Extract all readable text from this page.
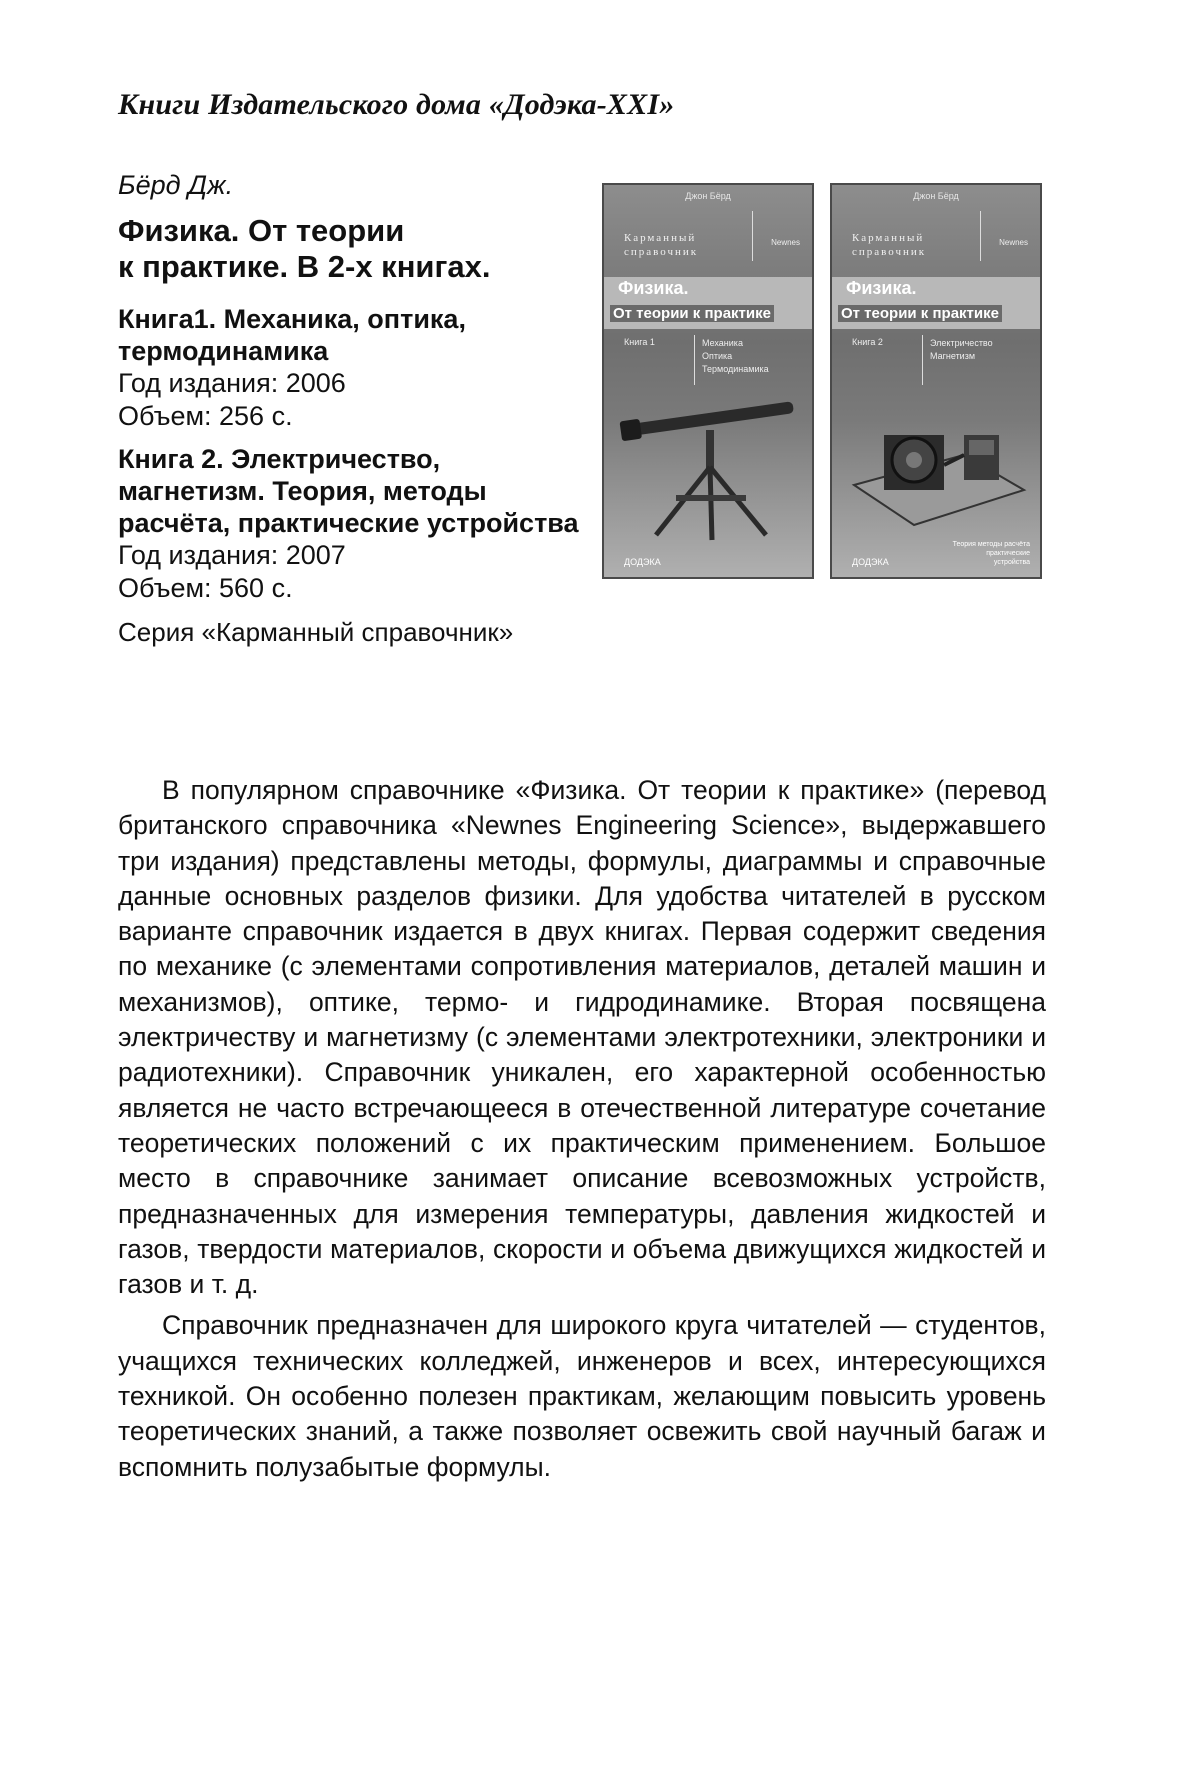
Книги Издательского дома «Додэка-XXI»
Бёрд Дж.
Физика. От теории
к практике. В 2-х книгах.
Книга1. Механика, оптика, термодинамика
Год издания: 2006
Объем: 256 с.
Книга 2. Электричество, магнетизм. Теория, методы расчёта, практические устройства
Год издания: 2007
Объем: 560 с.
Серия «Карманный справочник»
Джон Бёрд
Карманный справочник
Newnes
Физика.
От теории к практике
Книга 1	Механика
Оптика
Термодинамика
ДОДЭКА
Джон Бёрд
Карманный справочник
Newnes
Физика.
От теории к практике
Книга 2	Электричество
Магнетизм
ДОДЭКА
Теория методы расчёта практические устройства

В популярном справочнике «Физика. От теории к практике» (перевод британского справочника «Newnes Engineering Science», выдержавшего три издания) представлены методы, формулы, диаграммы и справочные данные основных разделов физики. Для удобства читателей в русском варианте справочник издается в двух книгах. Первая содержит сведения по механике (с элементами сопротивления материалов, деталей машин и механизмов), оптике, термо- и гидродинамике. Вторая посвящена электричеству и магнетизму (с элементами электротехники, электроники и радиотехники). Справочник уникален, его характерной особенностью является не часто встречающееся в отечественной литературе сочетание теоретических положений с их практическим применением. Большое место в справочнике занимает описание всевозможных устройств, предназначенных для измерения температуры, давления жидкостей и газов, твердости материалов, скорости и объема движущихся жидкостей и газов и т. д.

Справочник предназначен для широкого круга читателей — студентов, учащихся технических колледжей, инженеров и всех, интересующихся техникой. Он особенно полезен практикам, желающим повысить уровень теоретических знаний, а также позволяет освежить свой научный багаж и вспомнить полузабытые формулы.
